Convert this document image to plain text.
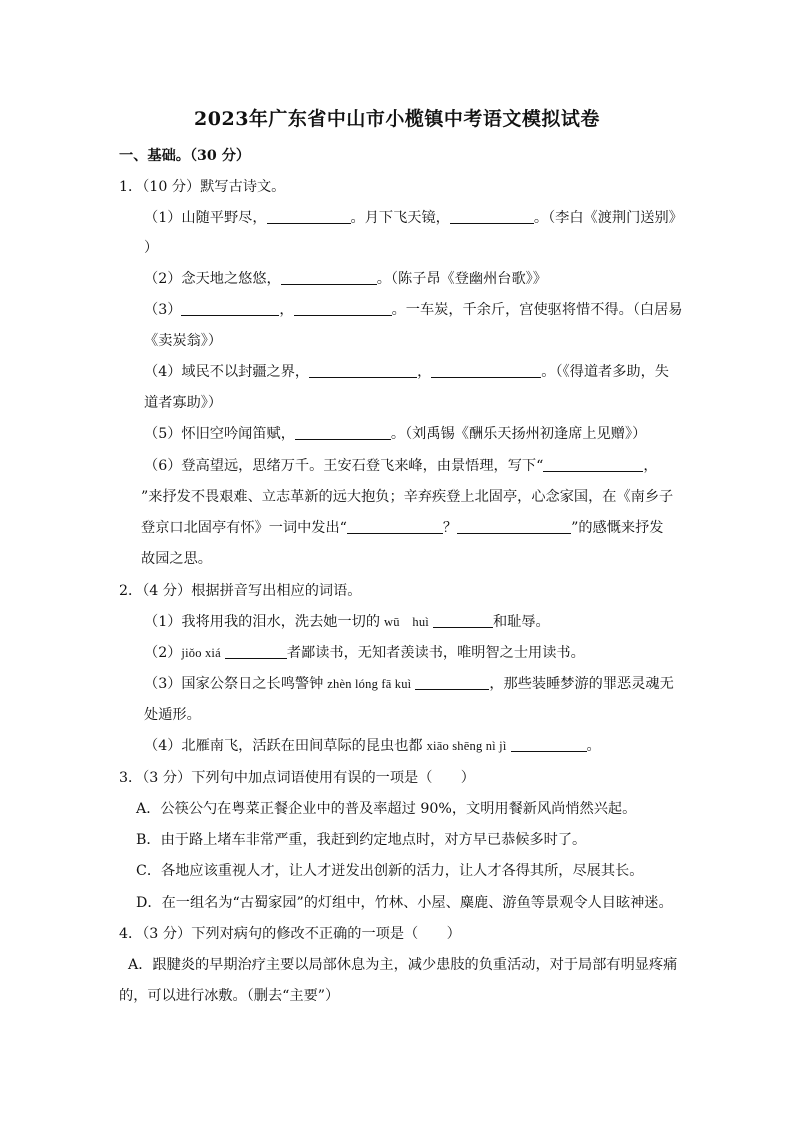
2023年广东省中山市小榄镇中考语文模拟试卷
一、基础。（30 分）
1．（10 分）默写古诗文。
（1）山随平野尽，	。月下飞天镜，	。（李白《渡荆门送别》
）
（2）念天地之悠悠，	。（陈子昂《登幽州台歌》》
（3）	，	。一车炭，千余斤，宫使驱将惜不得。（白居易
《卖炭翁》）
（4）域民不以封疆之界，	，	。（《得道者多助，失
道者寡助》）
（5）怀旧空吟闻笛赋，	。（刘禹锡《酬乐天扬州初逢席上见赠》）
（6）登高望远，思绪万千。王安石登飞来峰，由景悟理，写下“	，
”来抒发不畏艰难、立志革新的远大抱负；辛弃疾登上北固亭，心念家国，在《南乡子
登京口北固亭有怀》一词中发出“	？	”的感慨来抒发
故园之思。
2．（4 分）根据拼音写出相应的词语。
（1）我将用我的泪水，洗去她一切的 wū　huì	和耻辱。
（2）jiǒo xiá	者鄙读书，无知者羡读书，唯明智之士用读书。
（3）国家公祭日之长鸣警钟 zhèn lóng fā kuì	，那些装睡梦游的罪恶灵魂无
处遁形。
（4）北雁南飞，活跃在田间草际的昆虫也都 xiāo shēng nì jì	。
3．（3 分）下列句中加点词语使用有误的一项是（　　）
A．公筷公勺在粤菜正餐企业中的普及率超过 90%，文明用餐新风尚悄然兴起。
B．由于路上堵车非常严重，我赶到约定地点时，对方早已恭候多时了。
C．各地应该重视人才，让人才迸发出创新的活力，让人才各得其所，尽展其长。
D．在一组名为“古蜀家园”的灯组中，竹林、小屋、麋鹿、游鱼等景观令人目眩神迷。
4．（3 分）下列对病句的修改不正确的一项是（　　）
A．跟腱炎的早期治疗主要以局部休息为主，减少患肢的负重活动，对于局部有明显疼痛
的，可以进行冰敷。（删去“主要”）
